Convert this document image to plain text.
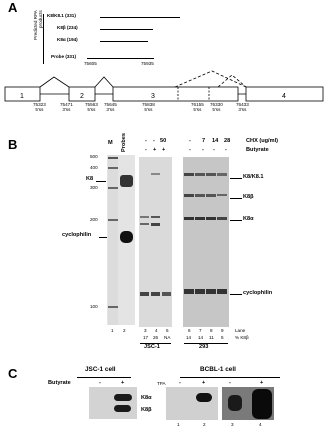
A
Predicted RPA products K8/K8.1 (331)
K8β (234)
K8α (194)
Probe (331)
75605	75935
1	2	3	4
75323
5'ss
75471
3'ss
75563
5'ss
75645
3'ss
75838
5'ss
76155
5'ss
76330
5'ss
76433
3'ss
B	Probes
M	CHX (ug/ml)
Butyrate
- - 50	- 7 14 28
- + +	- - - -
500
400
300
200
100
K8
cyclophilin
K8/K8.1
K8β
K8α
cyclophilin
1 2	3 4 5	6 7 8 9 Lane
17 26 NA	14 14 11 5 % K8β
JSC-1	293
C	JSC-1 cell	BCBL-1 cell
Butyrate	-	+	TPA -	+	-	+
K8α
K8β
1	2	3	4
